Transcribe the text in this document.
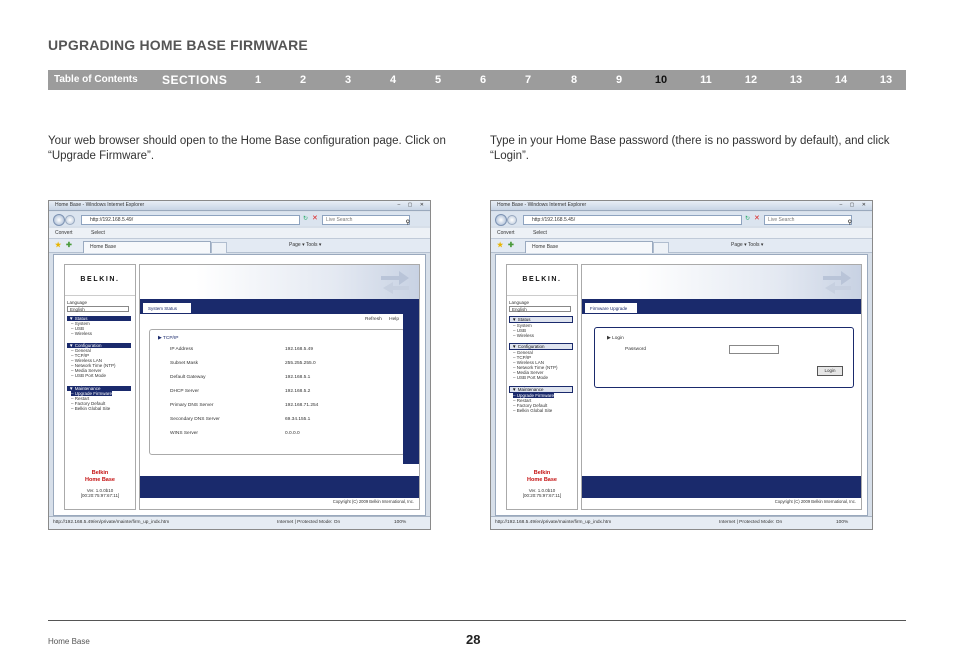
UPGRADING HOME BASE FIRMWARE
Table of Contents SECTIONS	1	2	3	4	5	6	7	8	9	10	11	12	13	14	13
Your web browser should open to the Home Base configuration page. Click on “Upgrade Firmware”.
Type in your Home Base password (there is no password by default), and click “Login”.
Home Base - Windows Internet Explorer	– ▢ ✕
http://192.168.5.49/	↻ ✕ Live Search	⚲
Convert	Select
★ ✚	Home Base	Page ▾ Tools ▾
BELKIN.
Language
English
▼ Status
– System
– USB
– Wireless
▼ Configuration
– General
– TCP/IP
– Wireless LAN
– Network Time (NTP)
– Media Server
– USB Port Mode
▼ Maintenance
– Upgrade Firmware
– Restart
– Factory Default
– Belkin Global Site
Belkin
Home Base
Ver. 1.0.0b10
[00:20:75:97:67:11]
System Status
Refresh Help
▶ TCP/IP
IP Address	192.168.5.49
Subnet Mask	255.255.255.0
Default Gateway	192.168.5.1
DHCP Server	192.168.5.2
Primary DNS Server	192.168.71.254
Secondary DNS Server	69.34.155.1
WINS Server	0.0.0.0
Copyright (C) 2009 Belkin International, Inc.
http://192.168.5.49/en/private/mainte/firm_up_indx.htm	Internet | Protected Mode: On	100%
Home Base - Windows Internet Explorer	– ▢ ✕
http://192.168.5.45/	↻ ✕ Live Search	⚲
Convert	Select
★ ✚	Home Base	Page ▾ Tools ▾
BELKIN.
Language
English
▼ Status
– System
– USB
– Wireless
▼ Configuration
– General
– TCP/IP
– Wireless LAN
– Network Time (NTP)
– Media Server
– USB Port Mode
▼ Maintenance
– Upgrade Firmware
– Restart
– Factory Default
– Belkin Global Site
Belkin
Home Base
Ver. 1.0.0b10
[00:20:75:97:67:11]
Firmware Upgrade
▶ Login
Password
Login
Copyright (C) 2009 Belkin International, Inc.
http://192.168.5.49/en/private/mainte/firm_up_indx.htm	Internet | Protected Mode: On	100%
Home Base	28
